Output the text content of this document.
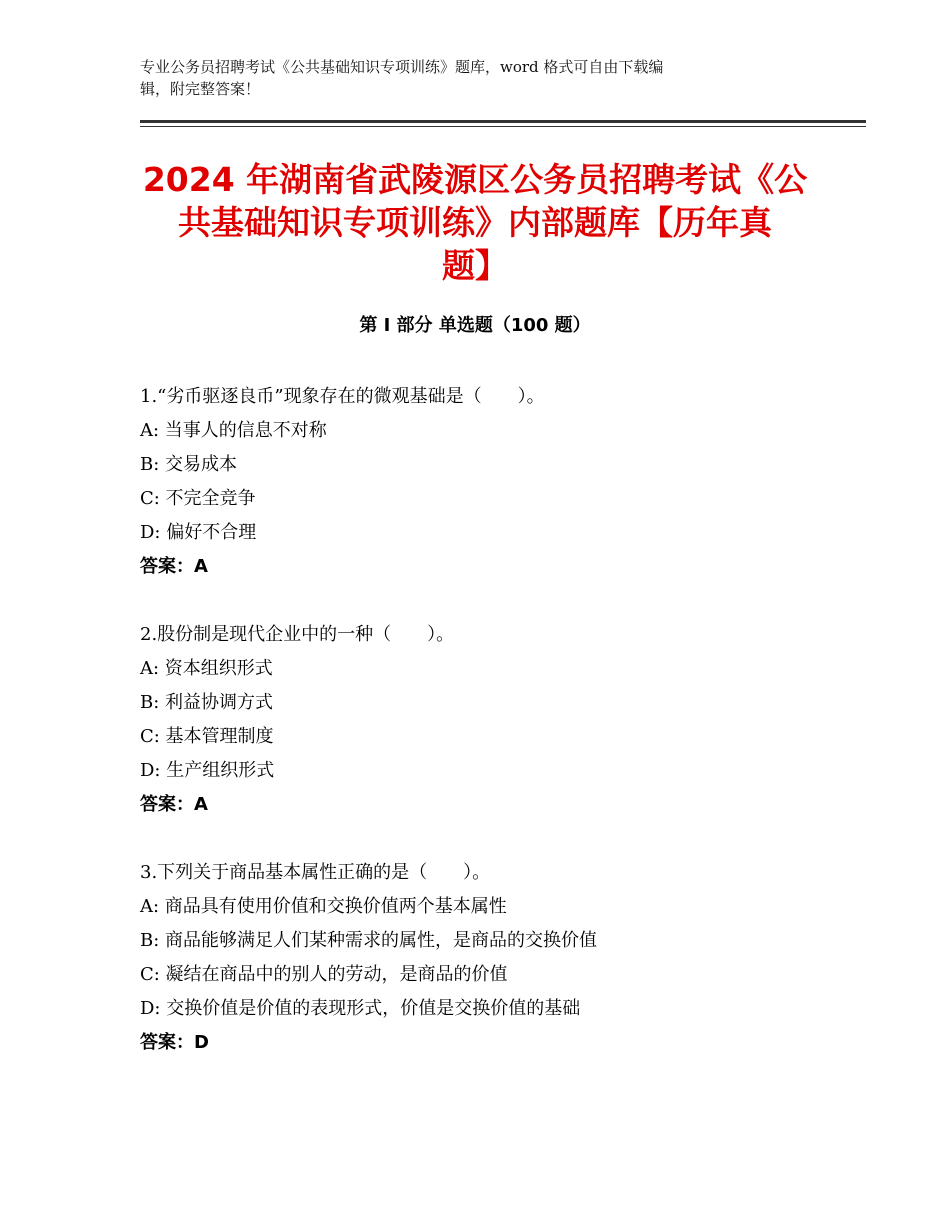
专业公务员招聘考试《公共基础知识专项训练》题库，word 格式可自由下载编
辑，附完整答案！
2024 年湖南省武陵源区公务员招聘考试《公
共基础知识专项训练》内部题库【历年真
题】
第 I 部分 单选题（100 题）
1.“劣币驱逐良币”现象存在的微观基础是（　　）。
A: 当事人的信息不对称
B: 交易成本
C: 不完全竞争
D: 偏好不合理
答案：A
2.股份制是现代企业中的一种（　　）。
A: 资本组织形式
B: 利益协调方式
C: 基本管理制度
D: 生产组织形式
答案：A
3.下列关于商品基本属性正确的是（　　）。
A: 商品具有使用价值和交换价值两个基本属性
B: 商品能够满足人们某种需求的属性，是商品的交换价值
C: 凝结在商品中的别人的劳动，是商品的价值
D: 交换价值是价值的表现形式，价值是交换价值的基础
答案：D
